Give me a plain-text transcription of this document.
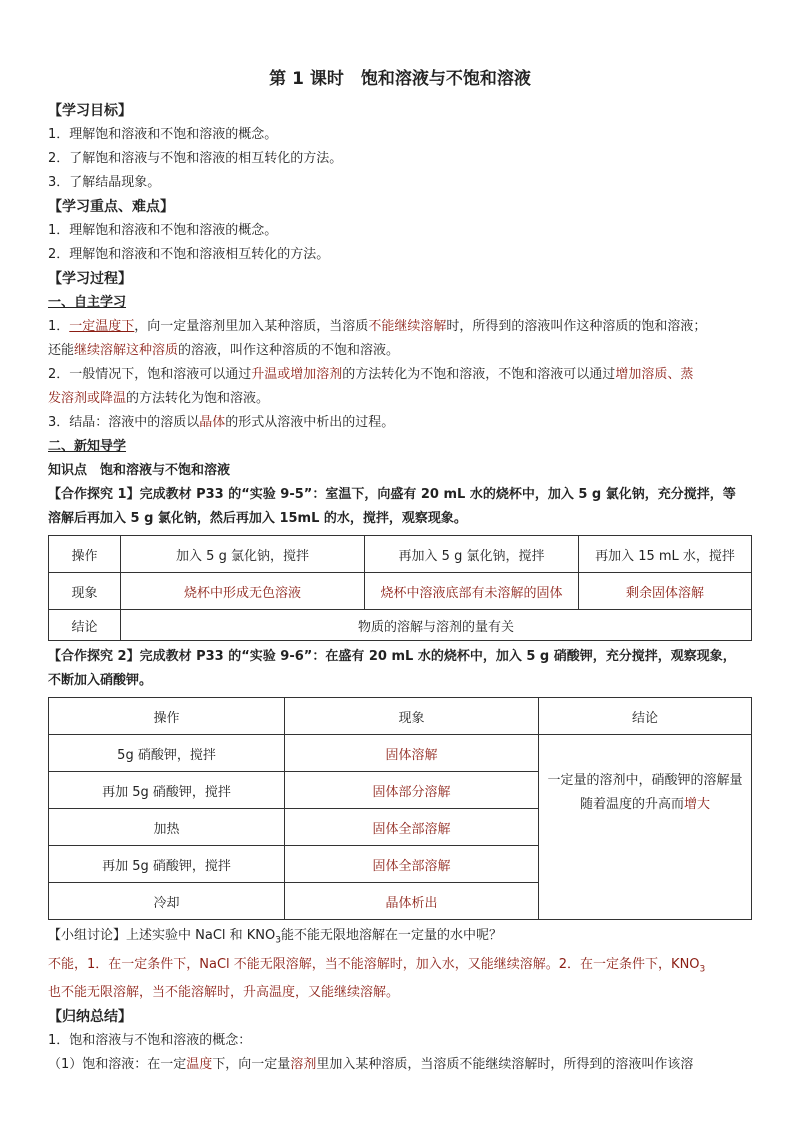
第 1 课时　饱和溶液与不饱和溶液
【学习目标】
1．理解饱和溶液和不饱和溶液的概念。
2．了解饱和溶液与不饱和溶液的相互转化的方法。
3．了解结晶现象。
【学习重点、难点】
1．理解饱和溶液和不饱和溶液的概念。
2．理解饱和溶液和不饱和溶液相互转化的方法。
【学习过程】
一、自主学习
1．一定温度下，向一定量溶剂里加入某种溶质，当溶质不能继续溶解时，所得到的溶液叫作这种溶质的饱和溶液；
还能继续溶解这种溶质的溶液，叫作这种溶质的不饱和溶液。
2．一般情况下，饱和溶液可以通过升温或增加溶剂的方法转化为不饱和溶液，不饱和溶液可以通过增加溶质、蒸
发溶剂或降温的方法转化为饱和溶液。
3．结晶：溶液中的溶质以晶体的形式从溶液中析出的过程。
二、新知导学
知识点　饱和溶液与不饱和溶液
【合作探究 1】完成教材 P33 的“实验 9-5”：室温下，向盛有 20 mL 水的烧杯中，加入 5 g 氯化钠，充分搅拌，等
溶解后再加入 5 g 氯化钠，然后再加入 15mL 的水，搅拌，观察现象。
操作	加入 5 g 氯化钠，搅拌	再加入 5 g 氯化钠，搅拌	再加入 15 mL 水，搅拌
现象	烧杯中形成无色溶液	烧杯中溶液底部有未溶解的固体	剩余固体溶解
结论	物质的溶解与溶剂的量有关		
【合作探究 2】完成教材 P33 的“实验 9-6”：在盛有 20 mL 水的烧杯中，加入 5 g 硝酸钾，充分搅拌，观察现象，
不断加入硝酸钾。
操作	现象	结论
5g 硝酸钾，搅拌	固体溶解	一定量的溶剂中，硝酸钾的溶解量
随着温度的升高而增大

再加 5g 硝酸钾，搅拌	固体部分溶解	
加热	固体全部溶解	
再加 5g 硝酸钾，搅拌	固体全部溶解	
冷却	晶体析出	
【小组讨论】上述实验中 NaCl 和 $KNO_3$能不能无限地溶解在一定量的水中呢？
不能，1．在一定条件下，NaCl 不能无限溶解，当不能溶解时，加入水，又能继续溶解。2．在一定条件下，$KNO_3$
也不能无限溶解，当不能溶解时，升高温度，又能继续溶解。
【归纳总结】
1．饱和溶液与不饱和溶液的概念：
（1）饱和溶液：在一定温度下，向一定量溶剂里加入某种溶质，当溶质不能继续溶解时，所得到的溶液叫作该溶
